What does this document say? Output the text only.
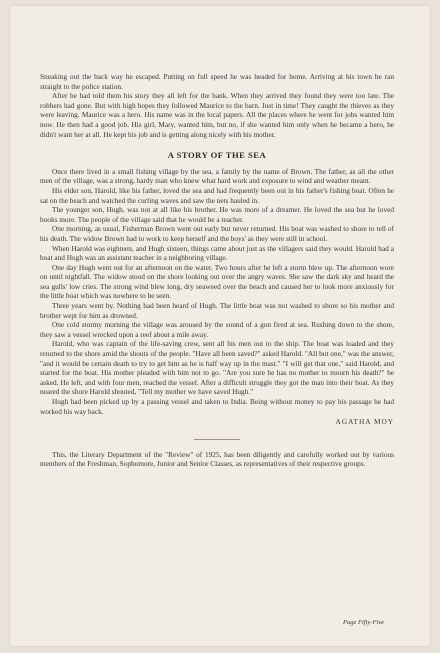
Sneaking out the back way he escaped. Putting on full speed he was headed for home. Arriving at his town he ran straight to the police station.

After he had told them his story they all left for the bank. When they arrived they found they were too late. The robbers had gone. But with high hopes they followed Maurice to the barn. Just in time! They caught the thieves as they were leaving. Maurice was a hero. His name was in the local papers. All the places where he went for jobs wanted him now. He then had a good job. His girl, Mary, wanted him, but no, if she wanted him only when he became a hero, he didn't want her at all. He kept his job and is getting along nicely with his mother.

A STORY OF THE SEA

Once there lived in a small fishing village by the sea, a family by the name of Brown. The father, as all the other men of the village, was a strong, hardy man who knew what hard work and exposure to wind and weather meant.

His elder son, Harold, like his father, loved the sea and had frequently been out in his father's fishing boat. Often he sat on the beach and watched the curling waves and saw the nets hauled in.

The younger son, Hugh, was not at all like his brother. He was more of a dreamer. He loved the sea but he loved books more. The people of the village said that he would be a teacher.

One morning, as usual, Fisherman Brown went out early but never returned. His boat was washed to shore to tell of his death. The widow Brown had to work to keep herself and the boys' as they were still in school.

When Harold was eighteen, and Hugh sixteen, things came about just as the villagers said they would. Harold had a boat and Hugh was an assistant teacher in a neighboring village.

One day Hugh went out for an afternoon on the water. Two hours after he left a storm blew up. The afternoon wore on until nightfall. The widow stood on the shore looking out over the angry waves. She saw the dark sky and heard the sea gulls' low cries. The strong wind blew long, dry seaweed over the beach and caused her to look more anxiously for the little boat which was nowhere to be seen.

Three years went by. Nothing had been heard of Hugh. The little boat was not washed to shore so his mother and brother wept for him as drowned.

One cold stormy morning the village was aroused by the sound of a gun fired at sea. Rushing down to the shore, they saw a vessel wrecked upon a reef about a mile away.

Harold, who was captain of the life-saving crew, sent all his men out to the ship. The boat was loaded and they returned to the shore amid the shouts of the people. "Have all been saved?" asked Harold. "All but one," was the answer, "and it would be certain death to try to get him as he is half way up in the mast." "I will get that one," said Harold, and started for the boat. His mother pleaded with him not to go. "Are you sure he has no mother to mourn his death?" he asked. He left, and with four men, reached the vessel. After a difficult struggle they got the man into their boat. As they neared the shore Harold shouted, "Tell my mother we have saved Hugh."

Hugh had been picked up by a passing vessel and taken to India. Being without money to pay his passage he had worked his way back.

AGATHA MOY

This, the Literary Department of the "Review" of 1925, has been diligently and carefully worked out by various members of the Freshman, Sophomore, Junior and Senior Classes, as representatives of their respective groups.

Page Fifty-Five
